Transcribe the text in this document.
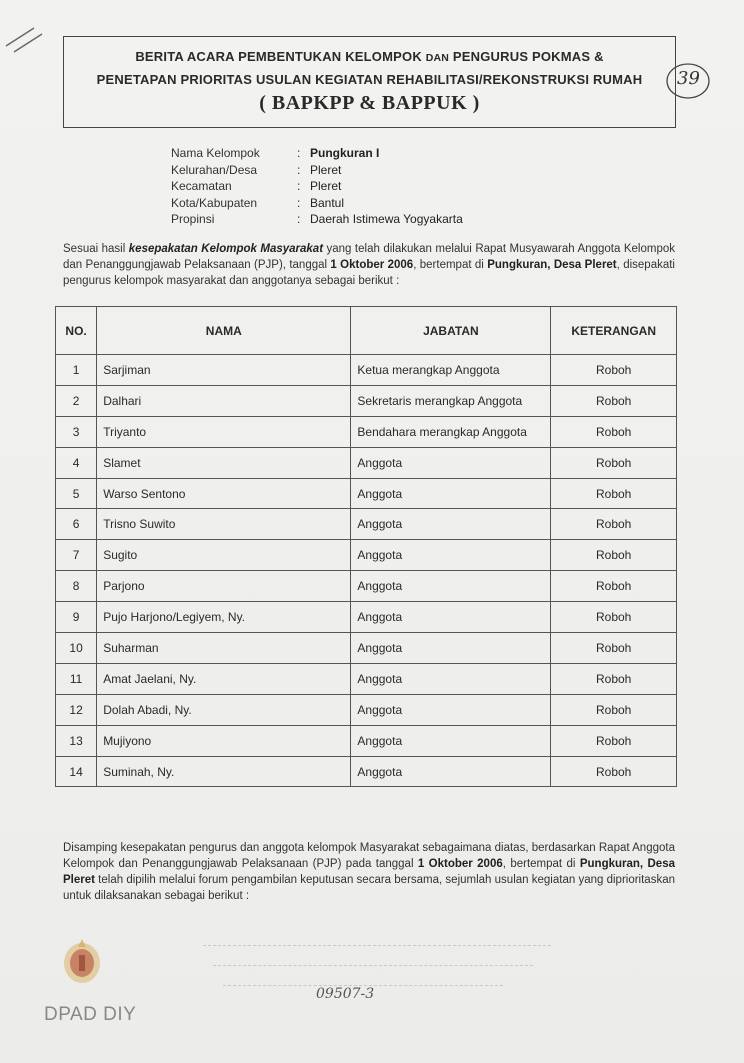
BERITA ACARA PEMBENTUKAN KELOMPOK DAN PENGURUS POKMAS &
PENETAPAN PRIORITAS USULAN KEGIATAN REHABILITASI/REKONSTRUKSI RUMAH
( BAPKPP & BAPPUK )
39
Nama Kelompok	: Pungkuran I
Kelurahan/Desa	: Pleret
Kecamatan	: Pleret
Kota/Kabupaten	: Bantul
Propinsi	: Daerah Istimewa Yogyakarta
Sesuai hasil kesepakatan Kelompok Masyarakat yang telah dilakukan melalui Rapat Musyawarah Anggota Kelompok dan Penanggungjawab Pelaksanaan (PJP), tanggal 1 Oktober 2006, bertempat di Pungkuran, Desa Pleret, disepakati pengurus kelompok masyarakat dan anggotanya sebagai berikut :
NO.	NAMA	JABATAN	KETERANGAN
1	Sarjiman	Ketua merangkap Anggota	Roboh
2	Dalhari	Sekretaris merangkap Anggota	Roboh
3	Triyanto	Bendahara merangkap Anggota	Roboh
4	Slamet	Anggota	Roboh
5	Warso Sentono	Anggota	Roboh
6	Trisno Suwito	Anggota	Roboh
7	Sugito	Anggota	Roboh
8	Parjono	Anggota	Roboh
9	Pujo Harjono/Legiyem, Ny.	Anggota	Roboh
10	Suharman	Anggota	Roboh
11	Amat Jaelani, Ny.	Anggota	Roboh
12	Dolah Abadi, Ny.	Anggota	Roboh
13	Mujiyono	Anggota	Roboh
14	Suminah, Ny.	Anggota	Roboh
Disamping kesepakatan pengurus dan anggota kelompok Masyarakat sebagaimana diatas, berdasarkan Rapat Anggota Kelompok dan Penanggungjawab Pelaksanaan (PJP) pada tanggal 1 Oktober 2006, bertempat di Pungkuran, Desa Pleret telah dipilih melalui forum pengambilan keputusan secara bersama, sejumlah usulan kegiatan yang diprioritaskan untuk dilaksanakan sebagai berikut :
09507-3
DPAD DIY
